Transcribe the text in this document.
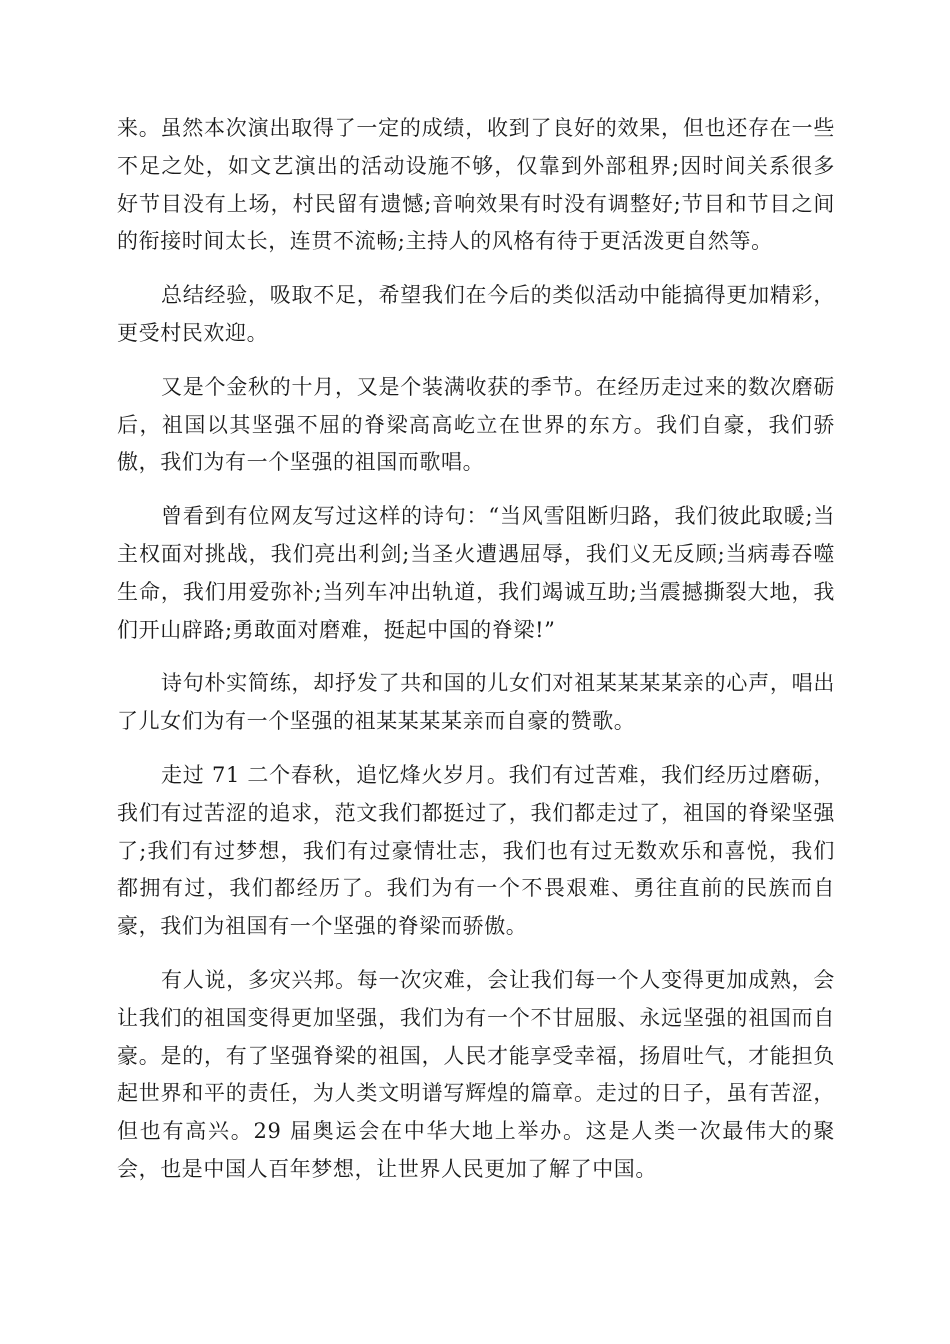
来。虽然本次演出取得了一定的成绩，收到了良好的效果，但也还存在一些不足之处，如文艺演出的活动设施不够，仅靠到外部租界;因时间关系很多好节目没有上场，村民留有遗憾;音响效果有时没有调整好;节目和节目之间的衔接时间太长，连贯不流畅;主持人的风格有待于更活泼更自然等。

总结经验，吸取不足，希望我们在今后的类似活动中能搞得更加精彩，更受村民欢迎。

又是个金秋的十月，又是个装满收获的季节。在经历走过来的数次磨砺后，祖国以其坚强不屈的脊梁高高屹立在世界的东方。我们自豪，我们骄傲，我们为有一个坚强的祖国而歌唱。

曾看到有位网友写过这样的诗句：“当风雪阻断归路，我们彼此取暖;当主权面对挑战，我们亮出利剑;当圣火遭遇屈辱，我们义无反顾;当病毒吞噬生命，我们用爱弥补;当列车冲出轨道，我们竭诚互助;当震撼撕裂大地，我们开山辟路;勇敢面对磨难，挺起中国的脊梁!”

诗句朴实简练，却抒发了共和国的儿女们对祖某某某某亲的心声，唱出了儿女们为有一个坚强的祖某某某某亲而自豪的赞歌。

走过 71 二个春秋，追忆烽火岁月。我们有过苦难，我们经历过磨砺，我们有过苦涩的追求，范文我们都挺过了，我们都走过了，祖国的脊梁坚强了;我们有过梦想，我们有过豪情壮志，我们也有过无数欢乐和喜悦，我们都拥有过，我们都经历了。我们为有一个不畏艰难、勇往直前的民族而自豪，我们为祖国有一个坚强的脊梁而骄傲。

有人说，多灾兴邦。每一次灾难，会让我们每一个人变得更加成熟，会让我们的祖国变得更加坚强，我们为有一个不甘屈服、永远坚强的祖国而自豪。是的，有了坚强脊梁的祖国，人民才能享受幸福，扬眉吐气，才能担负起世界和平的责任，为人类文明谱写辉煌的篇章。走过的日子，虽有苦涩，但也有高兴。29 届奥运会在中华大地上举办。这是人类一次最伟大的聚会，也是中国人百年梦想，让世界人民更加了解了中国。
